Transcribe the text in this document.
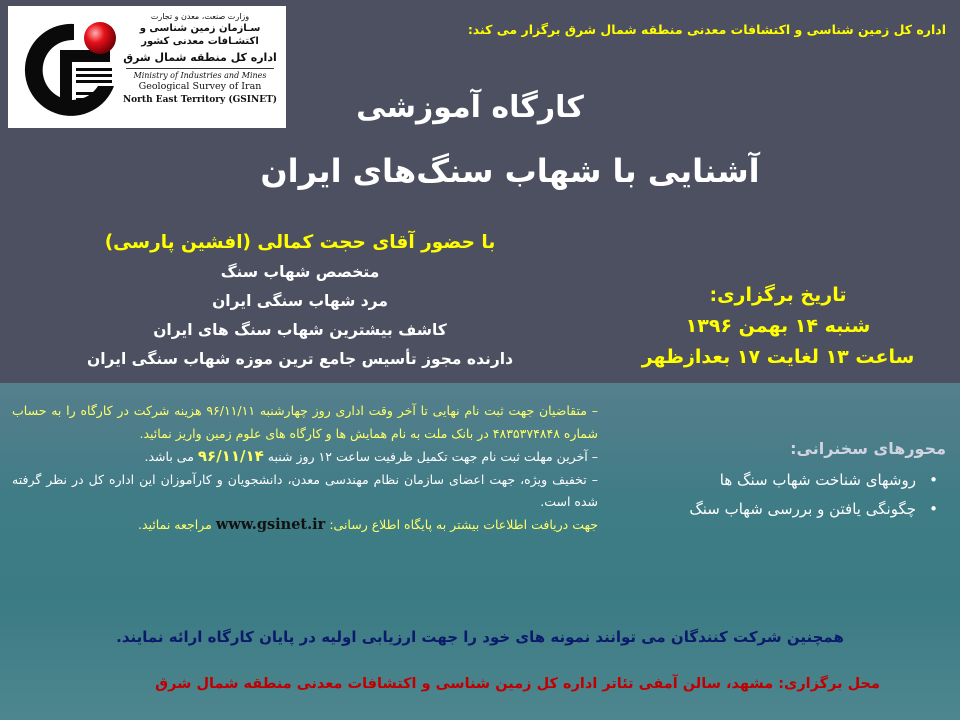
وزارت صنعت، معدن و تجارت
سـازمان زمین شناسی و
اکتشـافات معدنی کشور
اداره کل منطقه شمال شرق
Ministry of Industries and Mines
Geological Survey of Iran
North East Territory (GSINET)
اداره کل زمین شناسی و اکتشافات معدنی منطقه شمال شرق برگزار می کند:
کارگاه آموزشی
آشنایی با شهاب سنگ‌های ایران
با حضور آقای حجت کمالی (افشین پارسی)
متخصص شهاب سنگ
مرد شهاب سنگی ایران
کاشف بیشترین شهاب سنگ های ایران
دارنده مجوز تأسیس جامع ترین موزه شهاب سنگی ایران
تاریخ برگزاری:
شنبه ۱۴ بهمن ۱۳۹۶
ساعت ۱۳ لغایت ۱۷ بعدازظهر
– متقاضیان جهت ثبت نام نهایی تا آخر وقت اداری روز چهارشنبه ۹۶/۱۱/۱۱ هزینه شرکت در کارگاه را به حساب شماره ۴۸۳۵۳۷۴۸۴۸ در بانک ملت به نام همایش ها و کارگاه های علوم زمین واریز نمائید.
– آخرین مهلت ثبت نام جهت تکمیل ظرفیت ساعت ۱۲ روز شنبه ۹۶/۱۱/۱۴ می باشد.
– تخفیف ویژه، جهت اعضای سازمان نظام مهندسی معدن، دانشجویان و کارآموزان این اداره کل در نظر گرفته شده است.
جهت دریافت اطلاعات بیشتر به پایگاه اطلاع رسانی: www.gsinet.ir مراجعه نمائید.
محورهای سخنرانی:
•
روشهای شناخت شهاب سنگ ها
•
چگونگی یافتن و بررسی شهاب سنگ
همچنین شرکت کنندگان می توانند نمونه های خود را جهت ارزیابی اولیه در پایان کارگاه ارائه نمایند.
محل برگزاری: مشهد، سالن آمفی تئاتر اداره کل زمین شناسی و اکتشافات معدنی منطقه شمال شرق
